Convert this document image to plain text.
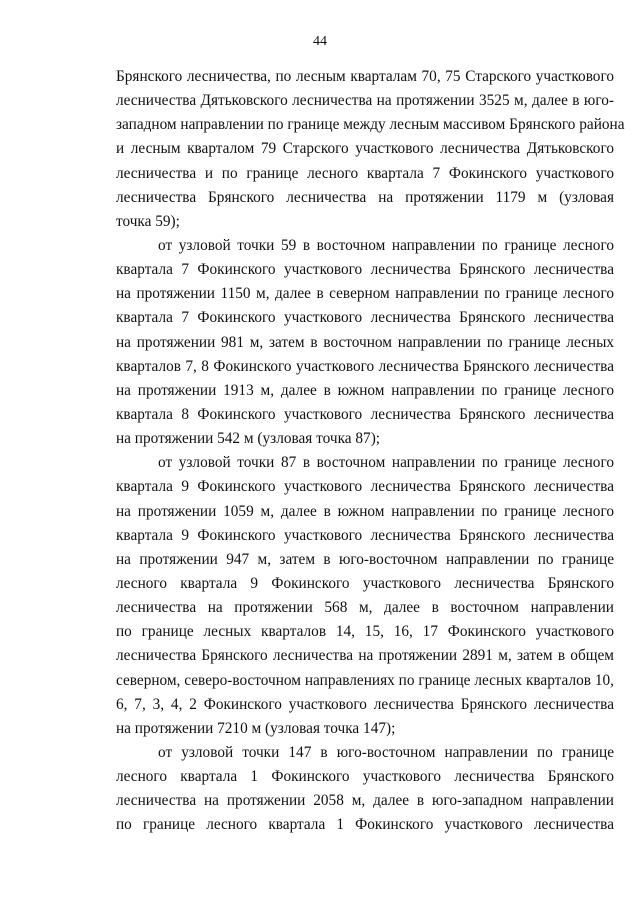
44
Брянского лесничества, по лесным кварталам 70, 75 Старского участкового
лесничества Дятьковского лесничества на протяжении 3525 м, далее в юго-
западном направлении по границе между лесным массивом Брянского района
и лесным кварталом 79 Старского участкового лесничества Дятьковского
лесничества и по границе лесного квартала 7 Фокинского участкового
лесничества Брянского лесничества на протяжении 1179 м (узловая
точка 59);
от узловой точки 59 в восточном направлении по границе лесного
квартала 7 Фокинского участкового лесничества Брянского лесничества
на протяжении 1150 м, далее в северном направлении по границе лесного
квартала 7 Фокинского участкового лесничества Брянского лесничества
на протяжении 981 м, затем в восточном направлении по границе лесных
кварталов 7, 8 Фокинского участкового лесничества Брянского лесничества
на протяжении 1913 м, далее в южном направлении по границе лесного
квартала 8 Фокинского участкового лесничества Брянского лесничества
на протяжении 542 м (узловая точка 87);
от узловой точки 87 в восточном направлении по границе лесного
квартала 9 Фокинского участкового лесничества Брянского лесничества
на протяжении 1059 м, далее в южном направлении по границе лесного
квартала 9 Фокинского участкового лесничества Брянского лесничества
на протяжении 947 м, затем в юго-восточном направлении по границе
лесного квартала 9 Фокинского участкового лесничества Брянского
лесничества на протяжении 568 м, далее в восточном направлении
по границе лесных кварталов 14, 15, 16, 17 Фокинского участкового
лесничества Брянского лесничества на протяжении 2891 м, затем в общем
северном, северо-восточном направлениях по границе лесных кварталов 10,
6, 7, 3, 4, 2 Фокинского участкового лесничества Брянского лесничества
на протяжении 7210 м (узловая точка 147);
от узловой точки 147 в юго-восточном направлении по границе
лесного квартала 1 Фокинского участкового лесничества Брянского
лесничества на протяжении 2058 м, далее в юго-западном направлении
по границе лесного квартала 1 Фокинского участкового лесничества
